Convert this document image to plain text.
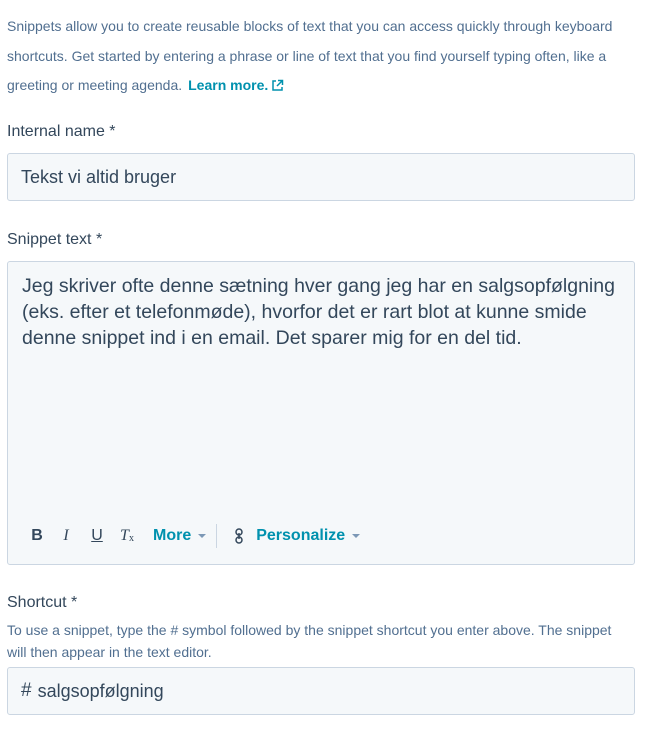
Snippets allow you to create reusable blocks of text that you can access quickly through keyboard shortcuts. Get started by entering a phrase or line of text that you find yourself typing often, like a greeting or meeting agenda. Learn more.
Internal name *
Tekst vi altid bruger
Snippet text *
Jeg skriver ofte denne sætning hver gang jeg har en salgsopfølgning (eks. efter et telefonmøde), hvorfor det er rart blot at kunne smide denne snippet ind i en email. Det sparer mig for en del tid.
B I U $T_x$ More	Personalize
Shortcut *
To use a snippet, type the # symbol followed by the snippet shortcut you enter above. The snippet will then appear in the text editor.
# salgsopfølgning
